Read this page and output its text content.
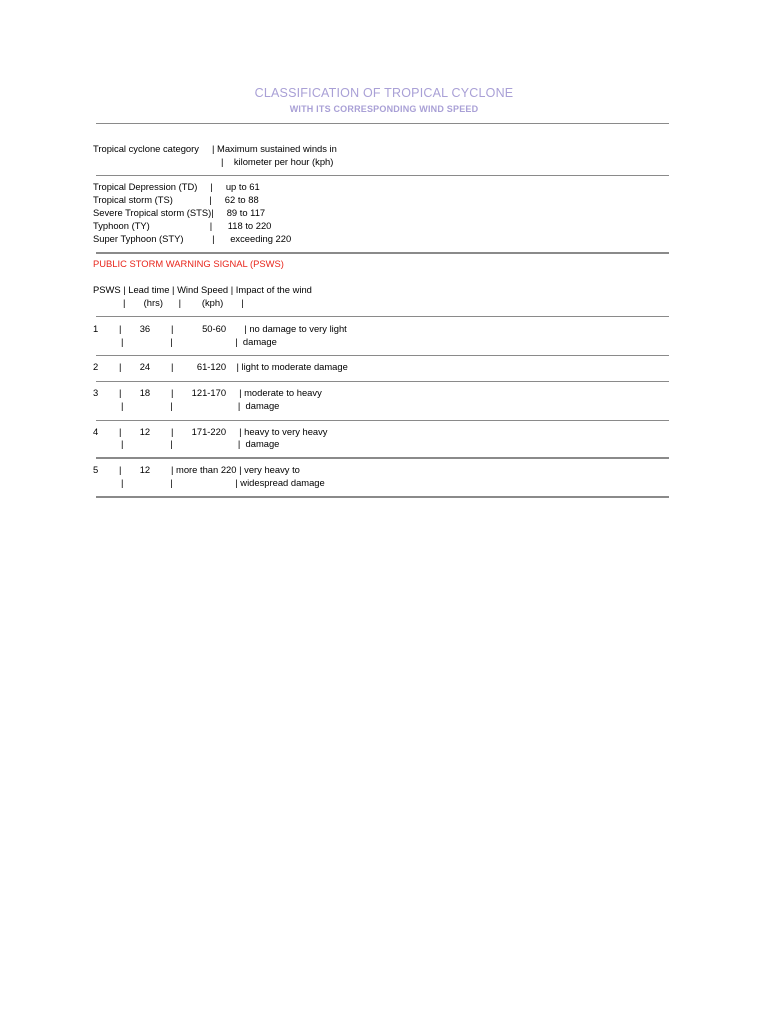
CLASSIFICATION OF TROPICAL CYCLONE
WITH ITS CORRESPONDING WIND SPEED
Tropical cyclone category     | Maximum sustained winds in
|    kilometer per hour (kph)
Tropical Depression (TD)     |     up to 61
Tropical storm (TS)              |     62 to 88
Severe Tropical storm (STS)|     89 to 117
Typhoon (TY)                       |      118 to 220
Super Typhoon (STY)           |      exceeding 220
PUBLIC STORM WARNING SIGNAL (PSWS)
PSWS | Lead time | Wind Speed | Impact of the wind
|       (hrs)      |        (kph)       |
1        |       36        |           50-60       | no damage to very light
|                  |                        |  damage
2        |       24        |         61-120    | light to moderate damage
3        |       18        |       121-170     | moderate to heavy
|                  |                         |  damage
4        |       12        |       171-220     | heavy to very heavy
|                  |                         |  damage
5        |       12        | more than 220 | very heavy to
|                  |                        | widespread damage
